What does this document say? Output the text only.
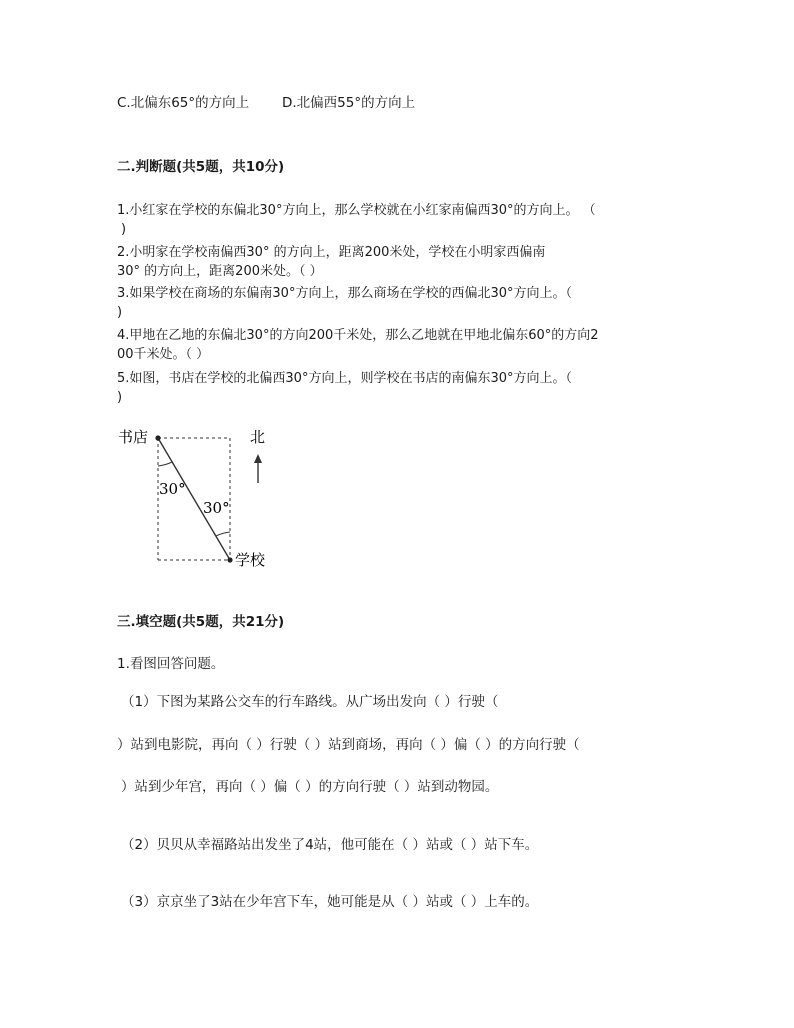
C.北偏东65°的方向上 D.北偏西55°的方向上
二.判断题(共5题，共10分)
1.小红家在学校的东偏北30°方向上，那么学校就在小红家南偏西30°的方向上。 （
)
2.小明家在学校南偏西30° 的方向上，距离200米处，学校在小明家西偏南
30° 的方向上，距离200米处。（ ）
3.如果学校在商场的东偏南30°方向上，那么商场在学校的西偏北30°方向上。（
)
4.甲地在乙地的东偏北30°的方向200千米处，那么乙地就在甲地北偏东60°的方向2
00千米处。（ ）
5.如图，书店在学校的北偏西30°方向上，则学校在书店的南偏东30°方向上。（
)
书店
学校
北
30°
30°
三.填空题(共5题，共21分)
1.看图回答问题。
（1）下图为某路公交车的行车路线。从广场出发向（ ）行驶（
）站到电影院，再向（ ）行驶（ ）站到商场，再向（ ）偏（ ）的方向行驶（
）站到少年宫，再向（ ）偏（ ）的方向行驶（ ）站到动物园。
（2）贝贝从幸福路站出发坐了4站，他可能在（ ）站或（ ）站下车。
（3）京京坐了3站在少年宫下车，她可能是从（ ）站或（ ）上车的。
